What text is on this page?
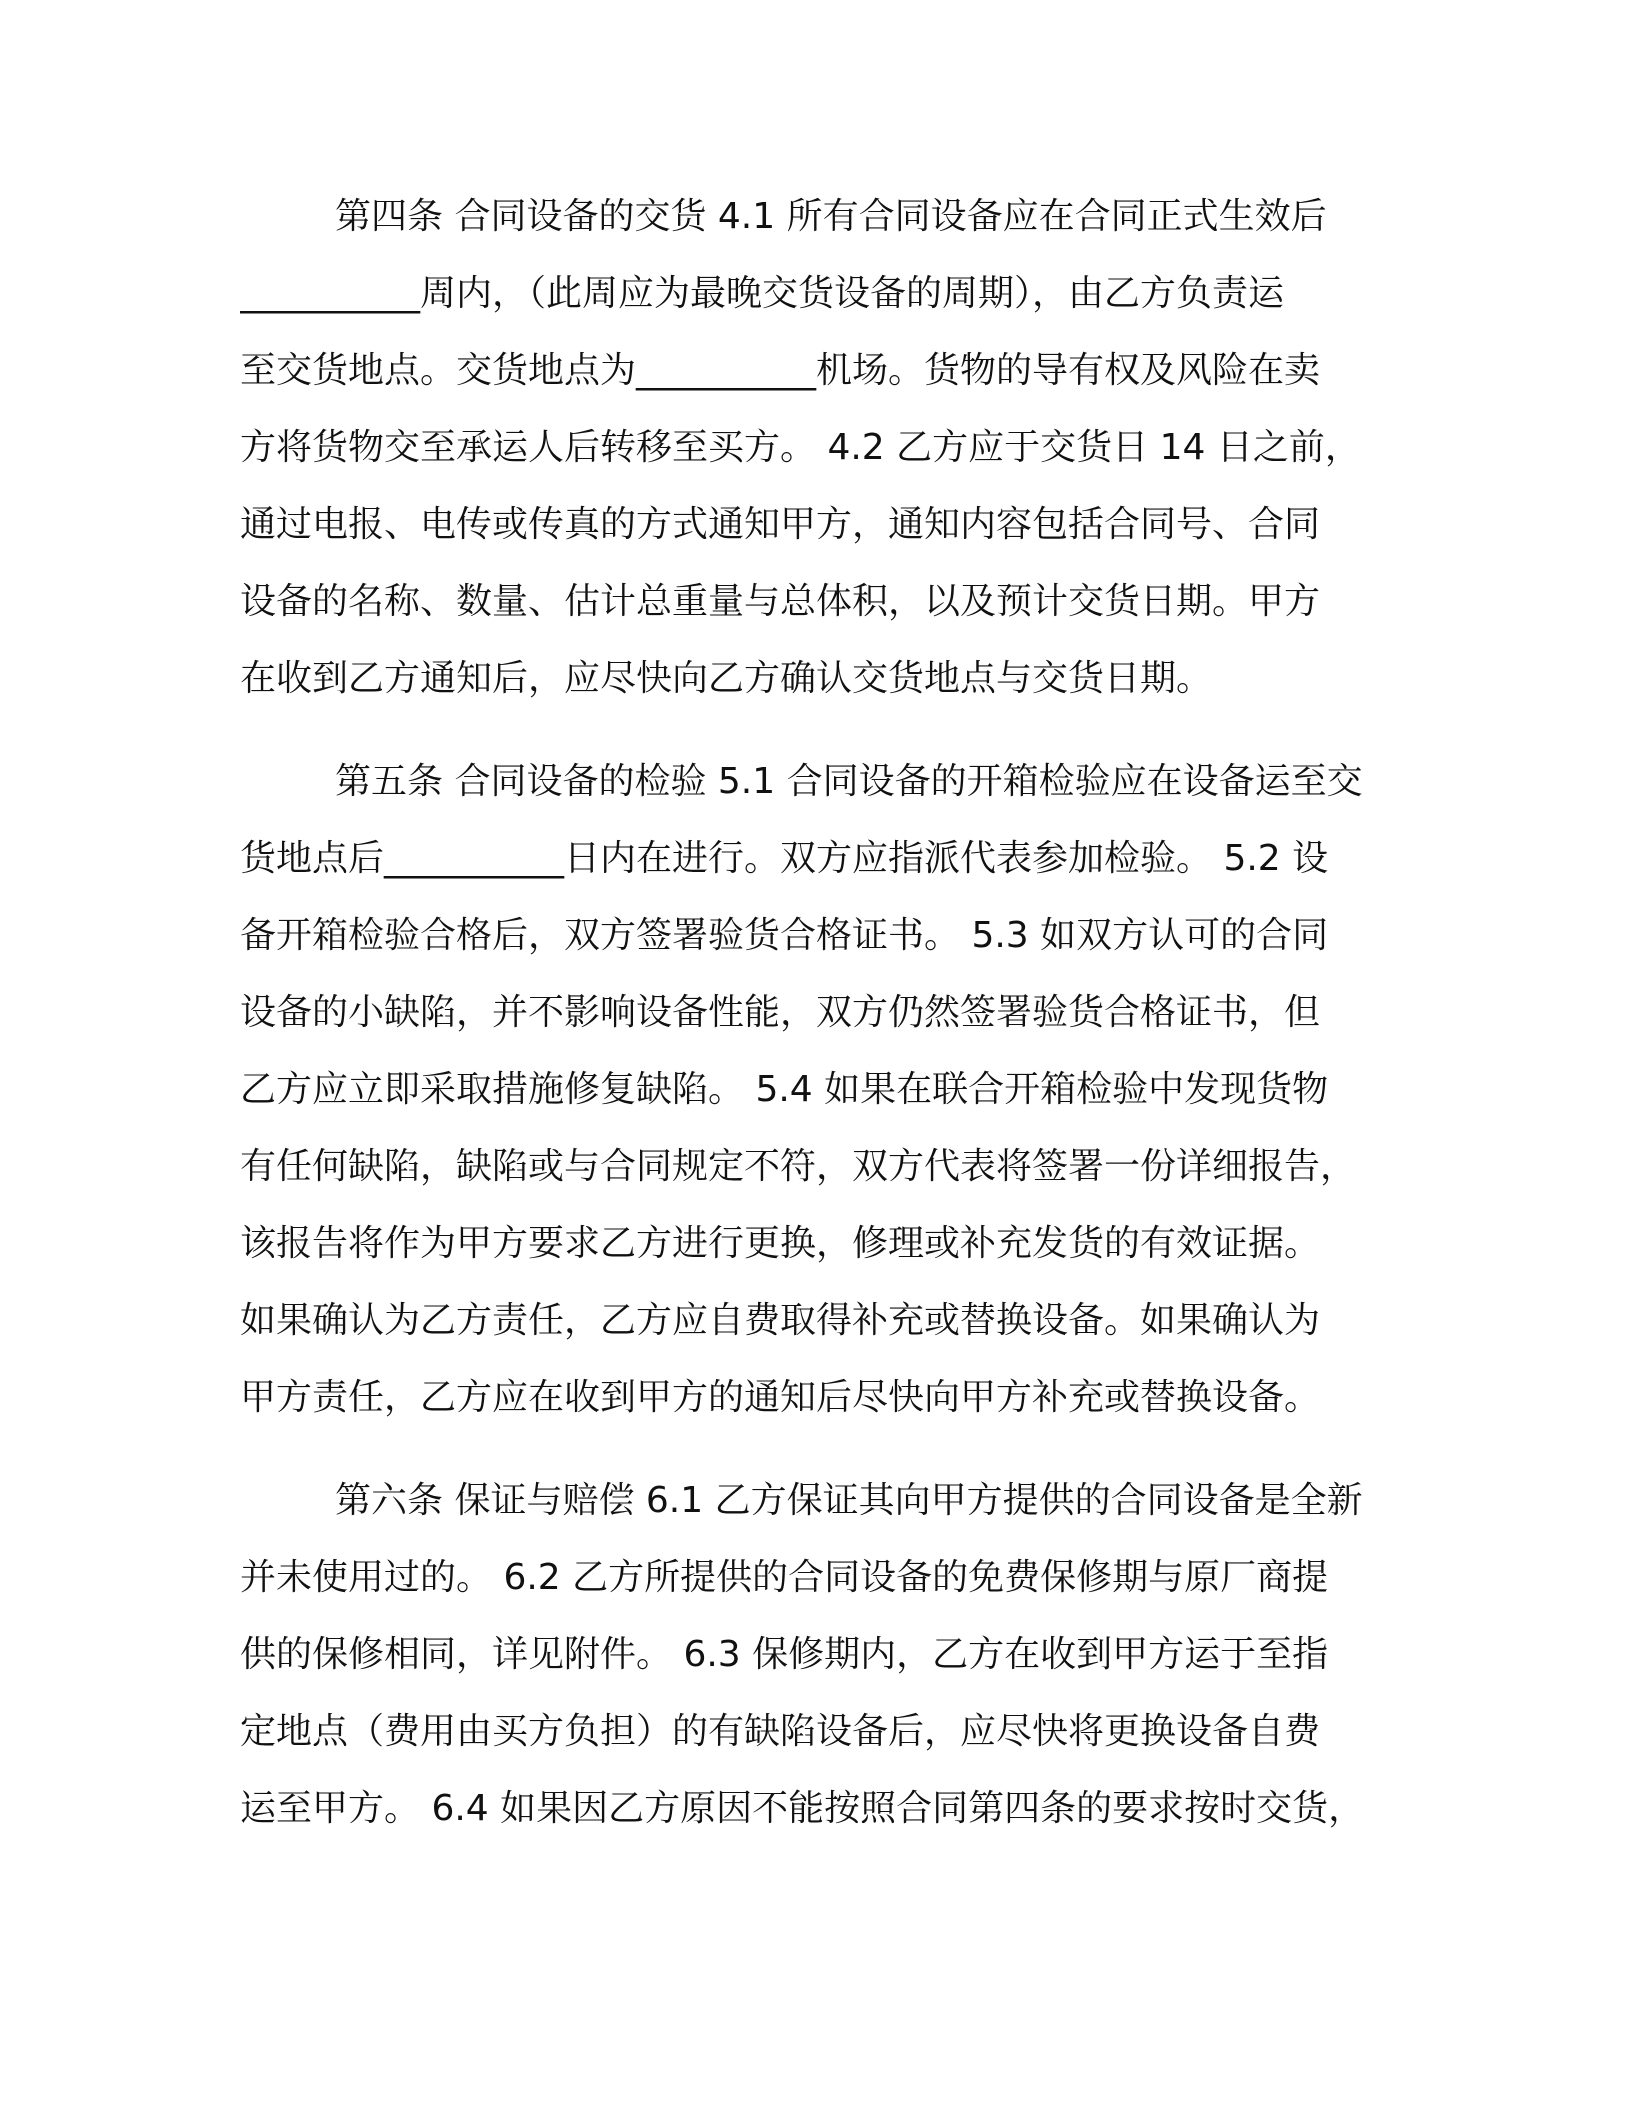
第四条 合同设备的交货 4.1 所有合同设备应在合同正式生效后
__________周内，（此周应为最晚交货设备的周期），由乙方负责运
至交货地点。交货地点为__________机场。货物的导有权及风险在卖
方将货物交至承运人后转移至买方。 4.2 乙方应于交货日 14 日之前，
通过电报、电传或传真的方式通知甲方，通知内容包括合同号、合同
设备的名称、数量、估计总重量与总体积，以及预计交货日期。甲方
在收到乙方通知后，应尽快向乙方确认交货地点与交货日期。
第五条 合同设备的检验 5.1 合同设备的开箱检验应在设备运至交
货地点后__________日内在进行。双方应指派代表参加检验。 5.2 设
备开箱检验合格后，双方签署验货合格证书。 5.3 如双方认可的合同
设备的小缺陷，并不影响设备性能，双方仍然签署验货合格证书，但
乙方应立即采取措施修复缺陷。 5.4 如果在联合开箱检验中发现货物
有任何缺陷，缺陷或与合同规定不符，双方代表将签署一份详细报告，
该报告将作为甲方要求乙方进行更换，修理或补充发货的有效证据。
如果确认为乙方责任，乙方应自费取得补充或替换设备。如果确认为
甲方责任，乙方应在收到甲方的通知后尽快向甲方补充或替换设备。
第六条 保证与赔偿 6.1 乙方保证其向甲方提供的合同设备是全新
并未使用过的。 6.2 乙方所提供的合同设备的免费保修期与原厂商提
供的保修相同，详见附件。 6.3 保修期内，乙方在收到甲方运于至指
定地点（费用由买方负担）的有缺陷设备后，应尽快将更换设备自费
运至甲方。 6.4 如果因乙方原因不能按照合同第四条的要求按时交货，
